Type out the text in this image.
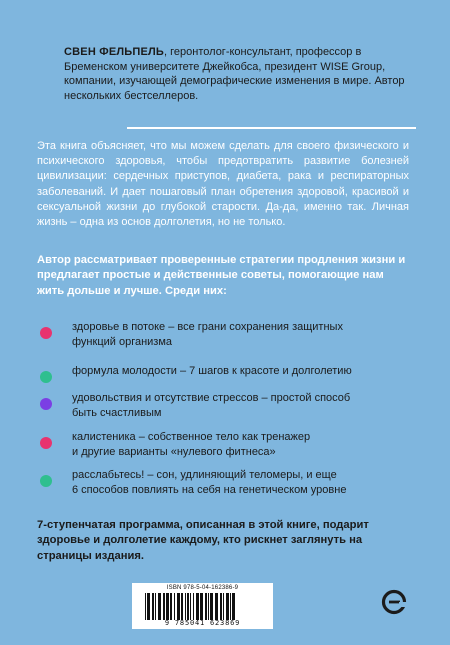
СВЕН ФЕЛЬПЕЛЬ, геронтолог-консультант, профессор в Бременском университете Джейкобса, президент WISE Group, компании, изучающей демографические изменения в мире. Автор нескольких бестселлеров.
Эта книга объясняет, что мы можем сделать для своего физического и психического здоровья, чтобы предотвратить развитие болезней цивилизации: сердечных приступов, диабета, рака и респираторных заболеваний. И дает пошаговый план обретения здоровой, красивой и сексуальной жизни до глубокой старости. Да-да, именно так. Личная жизнь – одна из основ долголетия, но не только.
Автор рассматривает проверенные стратегии продления жизни и предлагает простые и действенные советы, помогающие нам жить дольше и лучше. Среди них:
здоровье в потоке – все грани сохранения защитных
функций организма
формула молодости – 7 шагов к красоте и долголетию
удовольствия и отсутствие стрессов – простой способ
быть счастливым
калистеника – собственное тело как тренажер
и другие варианты «нулевого фитнеса»
расслабьтесь! – сон, удлиняющий теломеры, и еще
6 способов повлиять на себя на генетическом уровне
7-ступенчатая программа, описанная в этой книге, подарит здоровье и долголетие каждому, кто рискнет заглянуть на страницы издания.
ISBN 978-5-04-162386-9
9 785041 623869
